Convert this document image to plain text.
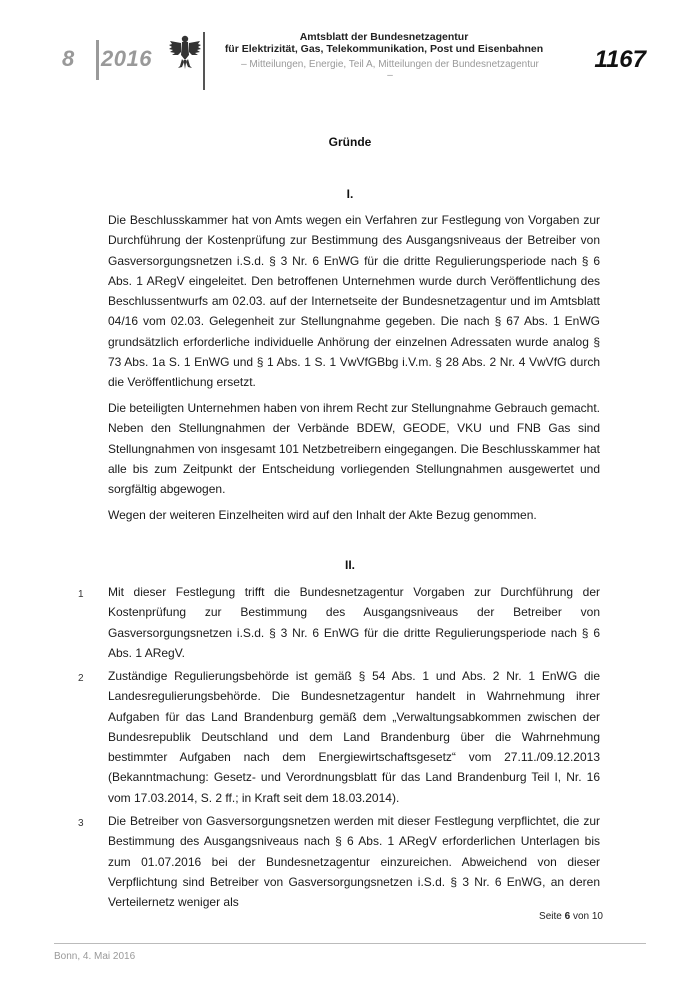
8 2016
Amtsblatt der Bundesnetzagentur
für Elektrizität, Gas, Telekommunikation, Post und Eisenbahnen
– Mitteilungen, Energie, Teil A, Mitteilungen der Bundesnetzagentur –
1167
Gründe
I.
Die Beschlusskammer hat von Amts wegen ein Verfahren zur Festlegung von Vorgaben zur Durchführung der Kostenprüfung zur Bestimmung des Ausgangsniveaus der Betreiber von Gasversorgungsnetzen i.S.d. § 3 Nr. 6 EnWG für die dritte Regulierungsperiode nach § 6 Abs. 1 ARegV eingeleitet. Den betroffenen Unternehmen wurde durch Veröffentlichung des Beschlussentwurfs am 02.03. auf der Internetseite der Bundesnetzagentur und im Amtsblatt 04/16 vom 02.03. Gelegenheit zur Stellungnahme gegeben. Die nach § 67 Abs. 1 EnWG grundsätzlich erforderliche individuelle Anhörung der einzelnen Adressaten wurde analog § 73 Abs. 1a S. 1 EnWG und § 1 Abs. 1 S. 1 VwVfGBbg i.V.m. § 28 Abs. 2 Nr. 4 VwVfG durch die Veröffentlichung ersetzt.
Die beteiligten Unternehmen haben von ihrem Recht zur Stellungnahme Gebrauch gemacht. Neben den Stellungnahmen der Verbände BDEW, GEODE, VKU und FNB Gas sind Stellungnahmen von insgesamt 101 Netzbetreibern eingegangen. Die Beschlusskammer hat alle bis zum Zeitpunkt der Entscheidung vorliegenden Stellungnahmen ausgewertet und sorgfältig abgewogen.
Wegen der weiteren Einzelheiten wird auf den Inhalt der Akte Bezug genommen.
II.
1 Mit dieser Festlegung trifft die Bundesnetzagentur Vorgaben zur Durchführung der Kostenprüfung zur Bestimmung des Ausgangsniveaus der Betreiber von Gasversorgungsnetzen i.S.d. § 3 Nr. 6 EnWG für die dritte Regulierungsperiode nach § 6 Abs. 1 ARegV.
2 Zuständige Regulierungsbehörde ist gemäß § 54 Abs. 1 und Abs. 2 Nr. 1 EnWG die Landesregulierungsbehörde. Die Bundesnetzagentur handelt in Wahrnehmung ihrer Aufgaben für das Land Brandenburg gemäß dem „Verwaltungsabkommen zwischen der Bundesrepublik Deutschland und dem Land Brandenburg über die Wahrnehmung bestimmter Aufgaben nach dem Energiewirtschaftsgesetz“ vom 27.11./09.12.2013 (Bekanntmachung: Gesetz- und Verordnungsblatt für das Land Brandenburg Teil I, Nr. 16 vom 17.03.2014, S. 2 ff.; in Kraft seit dem 18.03.2014).
3 Die Betreiber von Gasversorgungsnetzen werden mit dieser Festlegung verpflichtet, die zur Bestimmung des Ausgangsniveaus nach § 6 Abs. 1 ARegV erforderlichen Unterlagen bis zum 01.07.2016 bei der Bundesnetzagentur einzureichen. Abweichend von dieser Verpflichtung sind Betreiber von Gasversorgungsnetzen i.S.d. § 3 Nr. 6 EnWG, an deren Verteilernetz weniger als
Seite 6 von 10
Bonn, 4. Mai 2016
